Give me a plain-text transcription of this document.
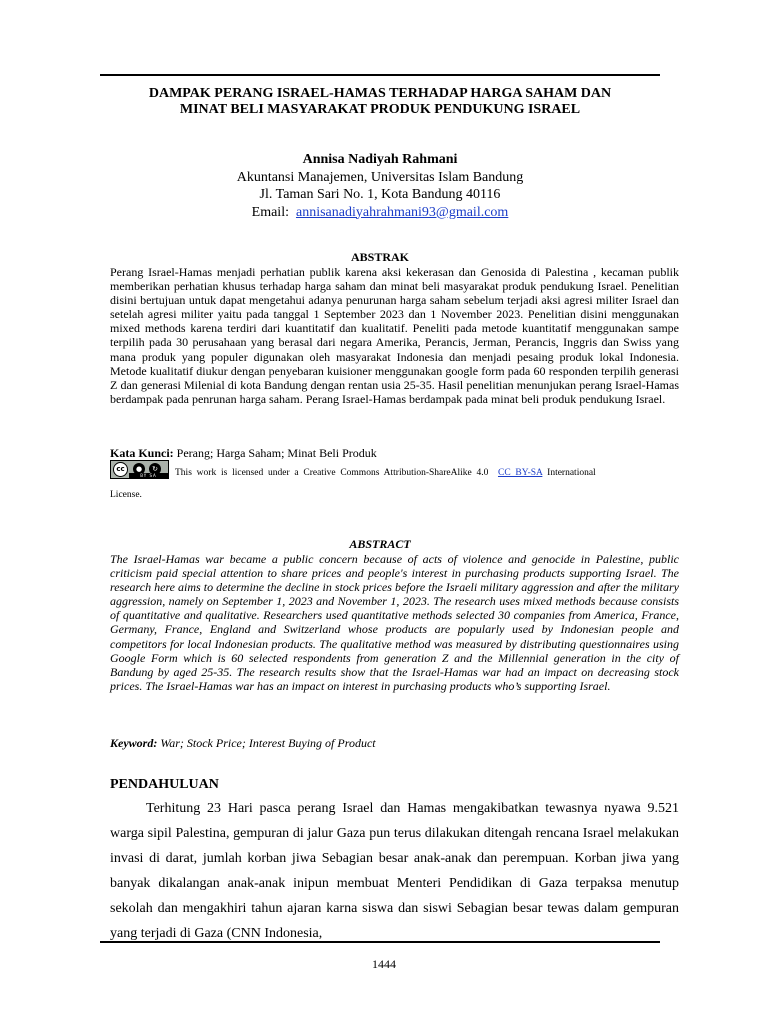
DAMPAK PERANG ISRAEL-HAMAS TERHADAP HARGA SAHAM DAN
MINAT BELI MASYARAKAT PRODUK PENDUKUNG ISRAEL
Annisa Nadiyah Rahmani
Akuntansi Manajemen, Universitas Islam Bandung
Jl. Taman Sari No. 1, Kota Bandung 40116
Email: annisanadiyahrahmani93@gmail.com
ABSTRAK
Perang Israel-Hamas menjadi perhatian publik karena aksi kekerasan dan Genosida di Palestina , kecaman publik memberikan perhatian khusus terhadap harga saham dan minat beli masyarakat produk pendukung Israel. Penelitian disini bertujuan untuk dapat mengetahui adanya penurunan harga saham sebelum terjadi aksi agresi militer Israel dan setelah agresi militer yaitu pada tanggal 1 September 2023 dan 1 November 2023. Penelitian disini menggunakan mixed methods karena terdiri dari kuantitatif dan kualitatif. Peneliti pada metode kuantitatif menggunakan sampe terpilih pada 30 perusahaan yang berasal dari negara Amerika, Perancis, Jerman, Perancis, Inggris dan Swiss yang mana produk yang populer digunakan oleh masyarakat Indonesia dan menjadi pesaing produk lokal Indonesia. Metode kualitatif diukur dengan penyebaran kuisioner menggunakan google form pada 60 responden terpilih generasi Z dan generasi Milenial di kota Bandung dengan rentan usia 25-35. Hasil penelitian menunjukan perang Israel-Hamas berdampak pada penrunan harga saham. Perang Israel-Hamas berdampak pada minat beli produk pendukung Israel.
Kata Kunci: Perang; Harga Saham; Minat Beli Produk
cc	●	↻
BY SA	This work is licensed under a Creative Commons Attribution-ShareAlike 4.0 CC BY-SA International
License.
ABSTRACT
The Israel-Hamas war became a public concern because of acts of violence and genocide in Palestine, public criticism paid special attention to share prices and people's interest in purchasing products supporting Israel. The research here aims to determine the decline in stock prices before the Israeli military aggression and after the military aggression, namely on September 1, 2023 and November 1, 2023. The research uses mixed methods because consists of quantitative and qualitative. Researchers used quantitative methods selected 30 companies from America, France, Germany, France, England and Switzerland whose products are popularly used by Indonesian people and competitors for local Indonesian products. The qualitative method was measured by distributing questionnaires using Google Form which is 60 selected respondents from generation Z and the Millennial generation in the city of Bandung by aged 25-35. The research results show that the Israel-Hamas war had an impact on decreasing stock prices. The Israel-Hamas war has an impact on interest in purchasing products who’s supporting Israel.
Keyword: War; Stock Price; Interest Buying of Product
PENDAHULUAN
Terhitung 23 Hari pasca perang Israel dan Hamas mengakibatkan tewasnya nyawa 9.521 warga sipil Palestina, gempuran di jalur Gaza pun terus dilakukan ditengah rencana Israel melakukan invasi di darat, jumlah korban jiwa Sebagian besar anak-anak dan perempuan. Korban jiwa yang banyak dikalangan anak-anak inipun membuat Menteri Pendidikan di Gaza terpaksa menutup sekolah dan mengakhiri tahun ajaran karna siswa dan siswi Sebagian besar tewas dalam gempuran yang terjadi di Gaza (CNN Indonesia,
1444
